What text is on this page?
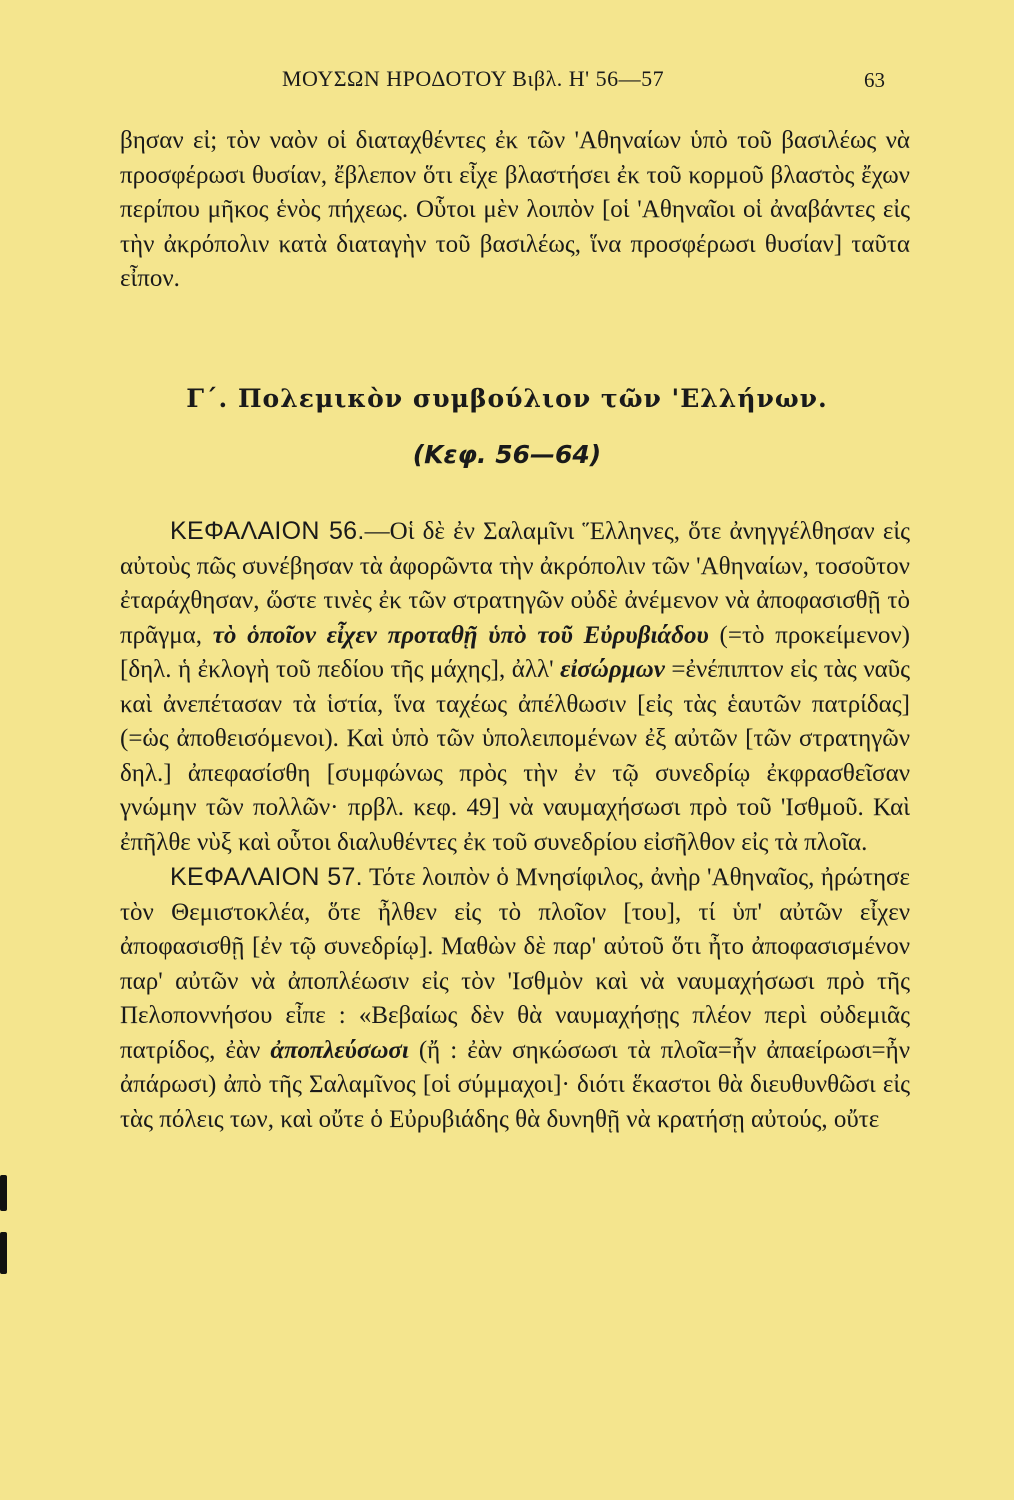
ΜΟΥΣΩΝ ΗΡΟΔΟΤΟΥ Βιβλ. Η' 56—57	63

βησαν εἰ; τὸν ναὸν οἱ διαταχθέντες ἐκ τῶν 'Αθηναίων ὑπὸ τοῦ βασιλέως νὰ προσφέρωσι θυσίαν, ἔβλεπον ὅτι εἶχε βλαστήσει ἐκ τοῦ κορμοῦ βλαστὸς ἔχων περίπου μῆκος ἑνὸς πήχεως. Οὗτοι μὲν λοιπὸν [οἱ 'Αθηναῖοι οἱ ἀναβάντες εἰς τὴν ἀκρόπολιν κατὰ διαταγὴν τοῦ βασιλέως, ἵνα προσφέρωσι θυσίαν] ταῦτα εἶπον.

Γ΄. Πολεμικὸν συμβούλιον τῶν 'Ελλήνων.
(Κεφ. 56—64)

ΚΕΦΑΛΑΙΟΝ 56.—Οἱ δὲ ἐν Σαλαμῖνι Ἕλληνες, ὅτε ἀνηγγέλθησαν εἰς αὐτοὺς πῶς συνέβησαν τὰ ἀφορῶντα τὴν ἀκρόπολιν τῶν 'Αθηναίων, τοσοῦτον ἐταράχθησαν, ὥστε τινὲς ἐκ τῶν στρατηγῶν οὐδὲ ἀνέμενον νὰ ἀποφασισθῇ τὸ πρᾶγμα, τὸ ὁποῖον εἶχεν προταθῇ ὑπὸ τοῦ Εὐρυβιάδου (=τὸ προκείμενον) [δηλ. ἡ ἐκλογὴ τοῦ πεδίου τῆς μάχης], ἀλλ' εἰσώρμων =ἐνέπιπτον εἰς τὰς ναῦς καὶ ἀνεπέτασαν τὰ ἱστία, ἵνα ταχέως ἀπέλθωσιν [εἰς τὰς ἑαυτῶν πατρίδας](=ὡς ἀποθεισόμενοι). Καὶ ὑπὸ τῶν ὑπολειπομένων ἐξ αὐτῶν [τῶν στρατηγῶν δηλ.] ἀπεφασίσθη [συμφώνως πρὸς τὴν ἐν τῷ συνεδρίῳ ἐκφρασθεῖσαν γνώμην τῶν πολλῶν· πρβλ. κεφ. 49] νὰ ναυμαχήσωσι πρὸ τοῦ 'Ισθμοῦ. Καὶ ἐπῆλθε νὺξ καὶ οὗτοι διαλυθέντες ἐκ τοῦ συνεδρίου εἰσῆλθον εἰς τὰ πλοῖα.

ΚΕΦΑΛΑΙΟΝ 57. Τότε λοιπὸν ὁ Μνησίφιλος, ἀνὴρ 'Αθηναῖος, ἠρώτησε τὸν Θεμιστοκλέα, ὅτε ἦλθεν εἰς τὸ πλοῖον [του], τί ὑπ' αὐτῶν εἶχεν ἀποφασισθῇ [ἐν τῷ συνεδρίῳ]. Μαθὼν δὲ παρ' αὐτοῦ ὅτι ἦτο ἀποφασισμένον παρ' αὐτῶν νὰ ἀποπλέωσιν εἰς τὸν 'Ισθμὸν καὶ νὰ ναυμαχήσωσι πρὸ τῆς Πελοποννήσου εἶπε : «Βεβαίως δὲν θὰ ναυμαχήσῃς πλέον περὶ οὐδεμιᾶς πατρίδος, ἐὰν ἀποπλεύσωσι (ἤ : ἐὰν σηκώσωσι τὰ πλοῖα=ἦν ἀπαείρωσι=ἦν ἀπάρωσι) ἀπὸ τῆς Σαλαμῖνος [οἱ σύμμαχοι]· διότι ἕκαστοι θὰ διευθυνθῶσι εἰς τὰς πόλεις των, καὶ οὔτε ὁ Εὐρυβιάδης θὰ δυνηθῇ νὰ κρατήσῃ αὐτούς, οὔτε
